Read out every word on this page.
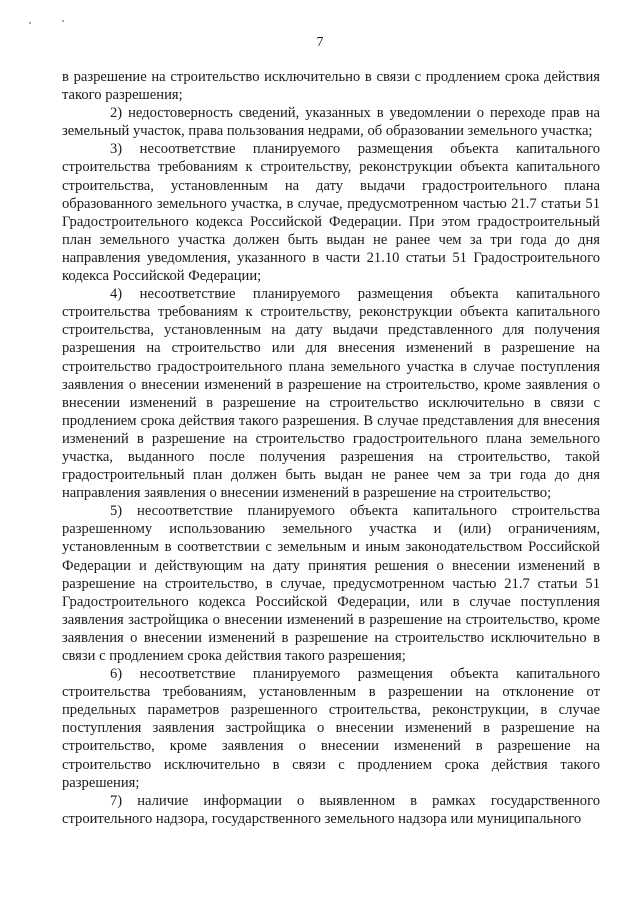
7

в разрешение на строительство исключительно в связи с продлением срока действия такого разрешения;

2) недостоверность сведений, указанных в уведомлении о переходе прав на земельный участок, права пользования недрами, об образовании земельного участка;

3) несоответствие планируемого размещения объекта капитального строительства требованиям к строительству, реконструкции объекта капитального строительства, установленным на дату выдачи градостроительного плана образованного земельного участка, в случае, предусмотренном частью 21.7 статьи 51 Градостроительного кодекса Российской Федерации. При этом градостроительный план земельного участка должен быть выдан не ранее чем за три года до дня направления уведомления, указанного в части 21.10 статьи 51 Градостроительного кодекса Российской Федерации;

4) несоответствие планируемого размещения объекта капитального строительства требованиям к строительству, реконструкции объекта капитального строительства, установленным на дату выдачи представленного для получения разрешения на строительство или для внесения изменений в разрешение на строительство градостроительного плана земельного участка в случае поступления заявления о внесении изменений в разрешение на строительство, кроме заявления о внесении изменений в разрешение на строительство исключительно в связи с продлением срока действия такого разрешения. В случае представления для внесения изменений в разрешение на строительство градостроительного плана земельного участка, выданного после получения разрешения на строительство, такой градостроительный план должен быть выдан не ранее чем за три года до дня направления заявления о внесении изменений в разрешение на строительство;

5) несоответствие планируемого объекта капитального строительства разрешенному использованию земельного участка и (или) ограничениям, установленным в соответствии с земельным и иным законодательством Российской Федерации и действующим на дату принятия решения о внесении изменений в разрешение на строительство, в случае, предусмотренном частью 21.7 статьи 51 Градостроительного кодекса Российской Федерации, или в случае поступления заявления застройщика о внесении изменений в разрешение на строительство, кроме заявления о внесении изменений в разрешение на строительство исключительно в связи с продлением срока действия такого разрешения;

6) несоответствие планируемого размещения объекта капитального строительства требованиям, установленным в разрешении на отклонение от предельных параметров разрешенного строительства, реконструкции, в случае поступления заявления застройщика о внесении изменений в разрешение на строительство, кроме заявления о внесении изменений в разрешение на строительство исключительно в связи с продлением срока действия такого разрешения;

7) наличие информации о выявленном в рамках государственного строительного надзора, государственного земельного надзора или муниципального
